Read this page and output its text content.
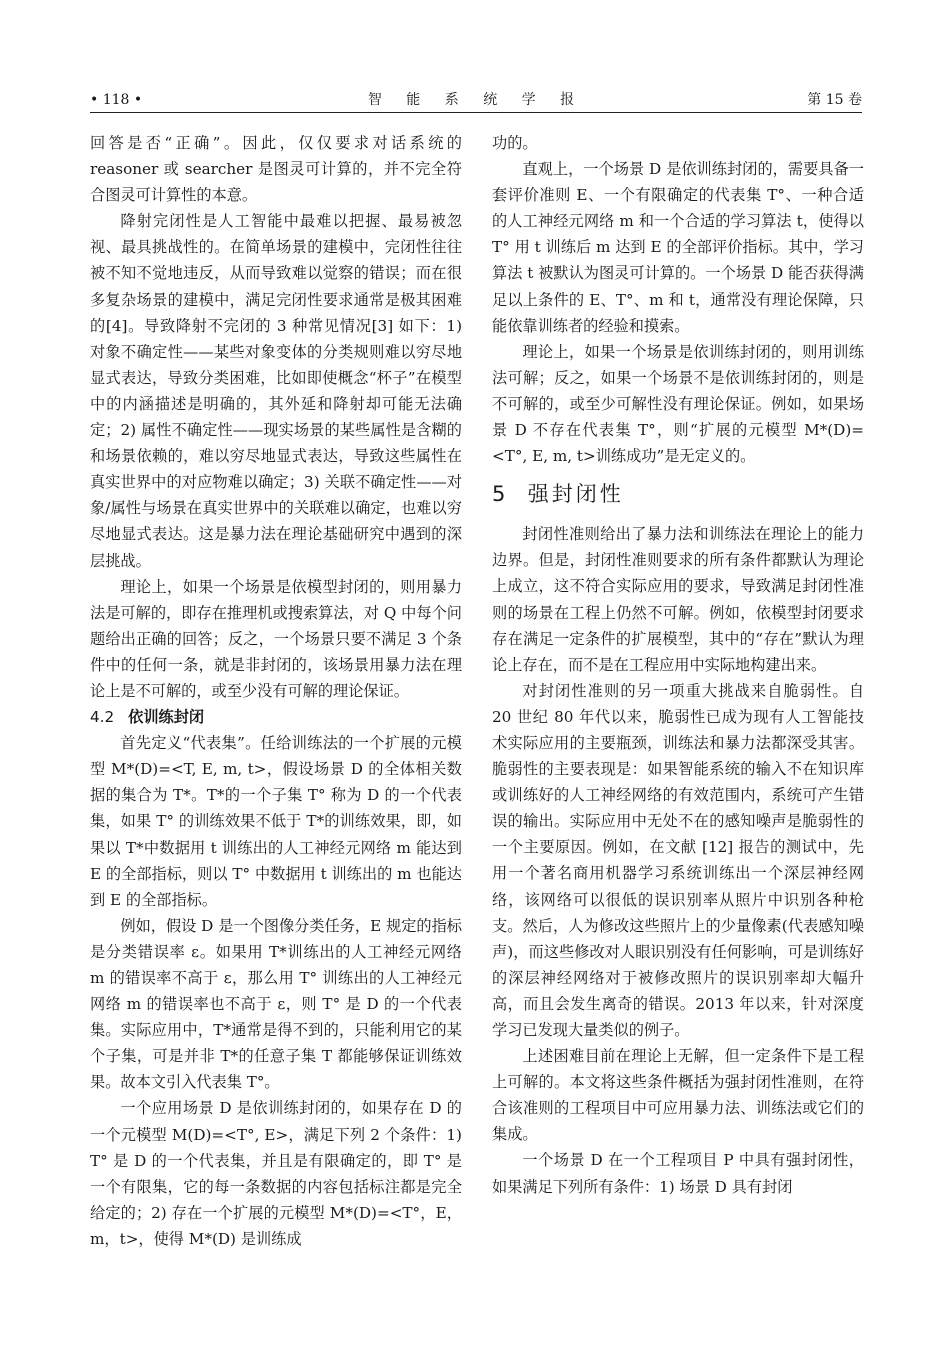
• 118 •	智 能 系 统 学 报	第 15 卷

回答是否“正确”。因此，仅仅要求对话系统的reasoner 或 searcher 是图灵可计算的，并不完全符合图灵可计算性的本意。

降射完闭性是人工智能中最难以把握、最易被忽视、最具挑战性的。在简单场景的建模中，完闭性往往被不知不觉地违反，从而导致难以觉察的错误；而在很多复杂场景的建模中，满足完闭性要求通常是极其困难的[4]。导致降射不完闭的 3 种常见情况[3] 如下：1) 对象不确定性——某些对象变体的分类规则难以穷尽地显式表达，导致分类困难，比如即使概念“杯子”在模型中的内涵描述是明确的，其外延和降射却可能无法确定；2) 属性不确定性——现实场景的某些属性是含糊的和场景依赖的，难以穷尽地显式表达，导致这些属性在真实世界中的对应物难以确定；3) 关联不确定性——对象/属性与场景在真实世界中的关联难以确定，也难以穷尽地显式表达。这是暴力法在理论基础研究中遇到的深层挑战。

理论上，如果一个场景是依模型封闭的，则用暴力法是可解的，即存在推理机或搜索算法，对 Q 中每个问题给出正确的回答；反之，一个场景只要不满足 3 个条件中的任何一条，就是非封闭的，该场景用暴力法在理论上是不可解的，或至少没有可解的理论保证。

4.2 依训练封闭

首先定义“代表集”。任给训练法的一个扩展的元模型 M*(D)=<T, E, m, t>，假设场景 D 的全体相关数据的集合为 T*。T*的一个子集 T° 称为 D 的一个代表集，如果 T° 的训练效果不低于 T*的训练效果，即，如果以 T*中数据用 t 训练出的人工神经元网络 m 能达到 E 的全部指标，则以 T° 中数据用 t 训练出的 m 也能达到 E 的全部指标。

例如，假设 D 是一个图像分类任务，E 规定的指标是分类错误率 ε。如果用 T*训练出的人工神经元网络 m 的错误率不高于 ε，那么用 T° 训练出的人工神经元网络 m 的错误率也不高于 ε，则 T° 是 D 的一个代表集。实际应用中，T*通常是得不到的，只能利用它的某个子集，可是并非 T*的任意子集 T 都能够保证训练效果。故本文引入代表集 T°。

一个应用场景 D 是依训练封闭的，如果存在 D 的一个元模型 M(D)=<T°, E>，满足下列 2 个条件：1) T° 是 D 的一个代表集，并且是有限确定的，即 T° 是一个有限集，它的每一条数据的内容包括标注都是完全给定的；2) 存在一个扩展的元模型 M*(D)=<T°，E，m，t>，使得 M*(D) 是训练成

功的。

直观上，一个场景 D 是依训练封闭的，需要具备一套评价准则 E、一个有限确定的代表集 T°、一种合适的人工神经元网络 m 和一个合适的学习算法 t，使得以 T° 用 t 训练后 m 达到 E 的全部评价指标。其中，学习算法 t 被默认为图灵可计算的。一个场景 D 能否获得满足以上条件的 E、T°、m 和 t，通常没有理论保障，只能依靠训练者的经验和摸索。

理论上，如果一个场景是依训练封闭的，则用训练法可解；反之，如果一个场景不是依训练封闭的，则是不可解的，或至少可解性没有理论保证。例如，如果场景 D 不存在代表集 T°，则“扩展的元模型 M*(D)=<T°, E, m, t>训练成功”是无定义的。

5 强封闭性

封闭性准则给出了暴力法和训练法在理论上的能力边界。但是，封闭性准则要求的所有条件都默认为理论上成立，这不符合实际应用的要求，导致满足封闭性准则的场景在工程上仍然不可解。例如，依模型封闭要求存在满足一定条件的扩展模型，其中的“存在”默认为理论上存在，而不是在工程应用中实际地构建出来。

对封闭性准则的另一项重大挑战来自脆弱性。自 20 世纪 80 年代以来，脆弱性已成为现有人工智能技术实际应用的主要瓶颈，训练法和暴力法都深受其害。脆弱性的主要表现是：如果智能系统的输入不在知识库或训练好的人工神经网络的有效范围内，系统可产生错误的输出。实际应用中无处不在的感知噪声是脆弱性的一个主要原因。例如，在文献 [12] 报告的测试中，先用一个著名商用机器学习系统训练出一个深层神经网络，该网络可以很低的误识别率从照片中识别各种枪支。然后，人为修改这些照片上的少量像素(代表感知噪声)，而这些修改对人眼识别没有任何影响，可是训练好的深层神经网络对于被修改照片的误识别率却大幅升高，而且会发生离奇的错误。2013 年以来，针对深度学习已发现大量类似的例子。

上述困难目前在理论上无解，但一定条件下是工程上可解的。本文将这些条件概括为强封闭性准则，在符合该准则的工程项目中可应用暴力法、训练法或它们的集成。

一个场景 D 在一个工程项目 P 中具有强封闭性，如果满足下列所有条件：1) 场景 D 具有封闭
